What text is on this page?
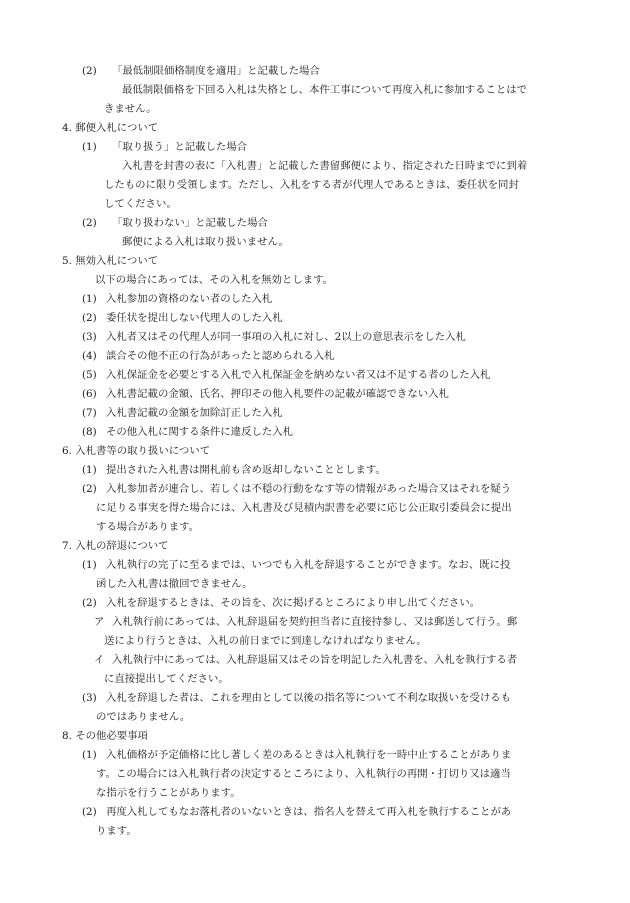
(2) 「最低制限価格制度を適用」と記載した場合
最低制限価格を下回る入札は失格とし、本件工事について再度入札に参加することはで
きません。
4. 郵便入札について
(1) 「取り扱う」と記載した場合
入札書を封書の表に「入札書」と記載した書留郵便により、指定された日時までに到着
したものに限り受領します。ただし、入札をする者が代理人であるときは、委任状を同封
してください。
(2) 「取り扱わない」と記載した場合
郵便による入札は取り扱いません。
5. 無効入札について
以下の場合にあっては、その入札を無効とします。
(1) 入札参加の資格のない者のした入札
(2) 委任状を提出しない代理人のした入札
(3) 入札者又はその代理人が同一事項の入札に対し、2以上の意思表示をした入札
(4) 談合その他不正の行為があったと認められる入札
(5) 入札保証金を必要とする入札で入札保証金を納めない者又は不足する者のした入札
(6) 入札書記載の金額、氏名、押印その他入札要件の記載が確認できない入札
(7) 入札書記載の金額を加除訂正した入札
(8) その他入札に関する条件に違反した入札
6. 入札書等の取り扱いについて
(1) 提出された入札書は開札前も含め返却しないこととします。
(2) 入札参加者が連合し、若しくは不穏の行動をなす等の情報があった場合又はそれを疑う
に足りる事実を得た場合には、入札書及び見積内訳書を必要に応じ公正取引委員会に提出
する場合があります。
7. 入札の辞退について
(1) 入札執行の完了に至るまでは、いつでも入札を辞退することができます。なお、既に投
函した入札書は撤回できません。
(2) 入札を辞退するときは、その旨を、次に掲げるところにより申し出てください。
ア 入札執行前にあっては、入札辞退届を契約担当者に直接持参し、又は郵送して行う。郵
送により行うときは、入札の前日までに到達しなければなりません。
イ 入札執行中にあっては、入札辞退届又はその旨を明記した入札書を、入札を執行する者
に直接提出してください。
(3) 入札を辞退した者は、これを理由として以後の指名等について不利な取扱いを受けるも
のではありません。
8. その他必要事項
(1) 入札価格が予定価格に比し著しく差のあるときは入札執行を一時中止することがありま
す。この場合には入札執行者の決定するところにより、入札執行の再開・打切り又は適当
な指示を行うことがあります。
(2) 再度入札してもなお落札者のいないときは、指名人を替えて再入札を執行することがあ
ります。
